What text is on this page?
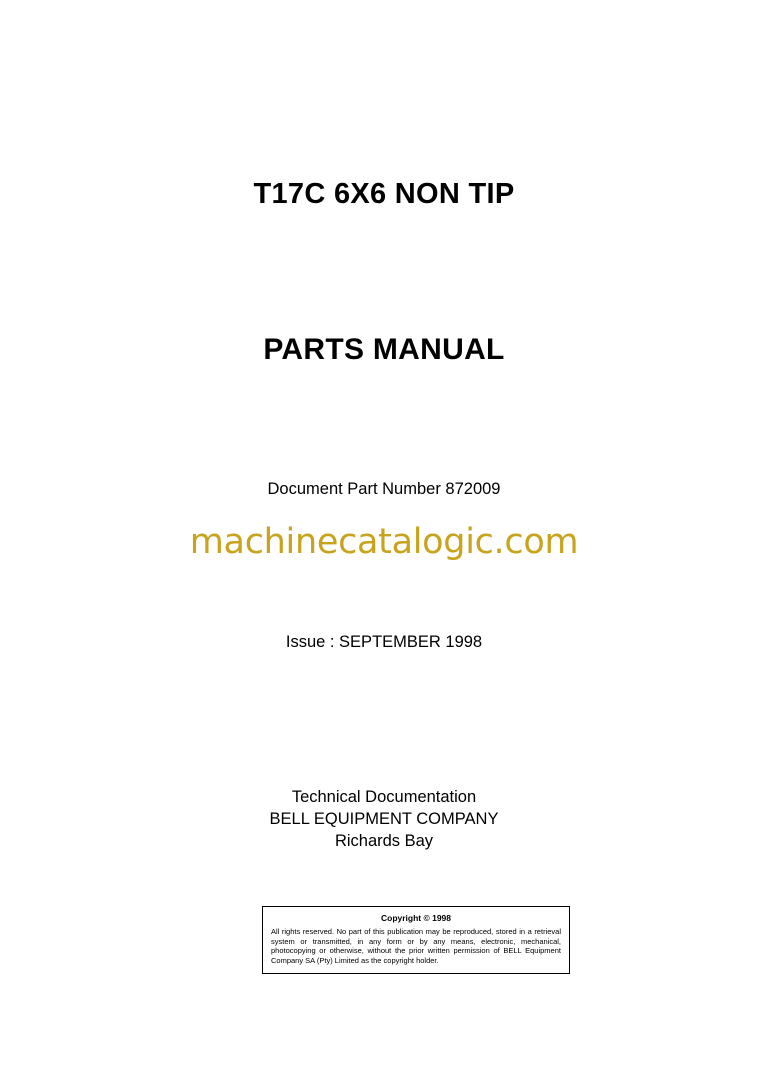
T17C 6X6 NON TIP
PARTS MANUAL
Document Part Number 872009
machinecatalogic.com
Issue : SEPTEMBER 1998
Technical Documentation
BELL EQUIPMENT COMPANY
Richards Bay
Copyright © 1998
All rights reserved. No part of this publication may be reproduced, stored in a retrieval system or transmitted, in any form or by any means, electronic, mechanical, photocopying or otherwise, without the prior written permission of BELL Equipment Company SA (Pty) Limited as the copyright holder.
